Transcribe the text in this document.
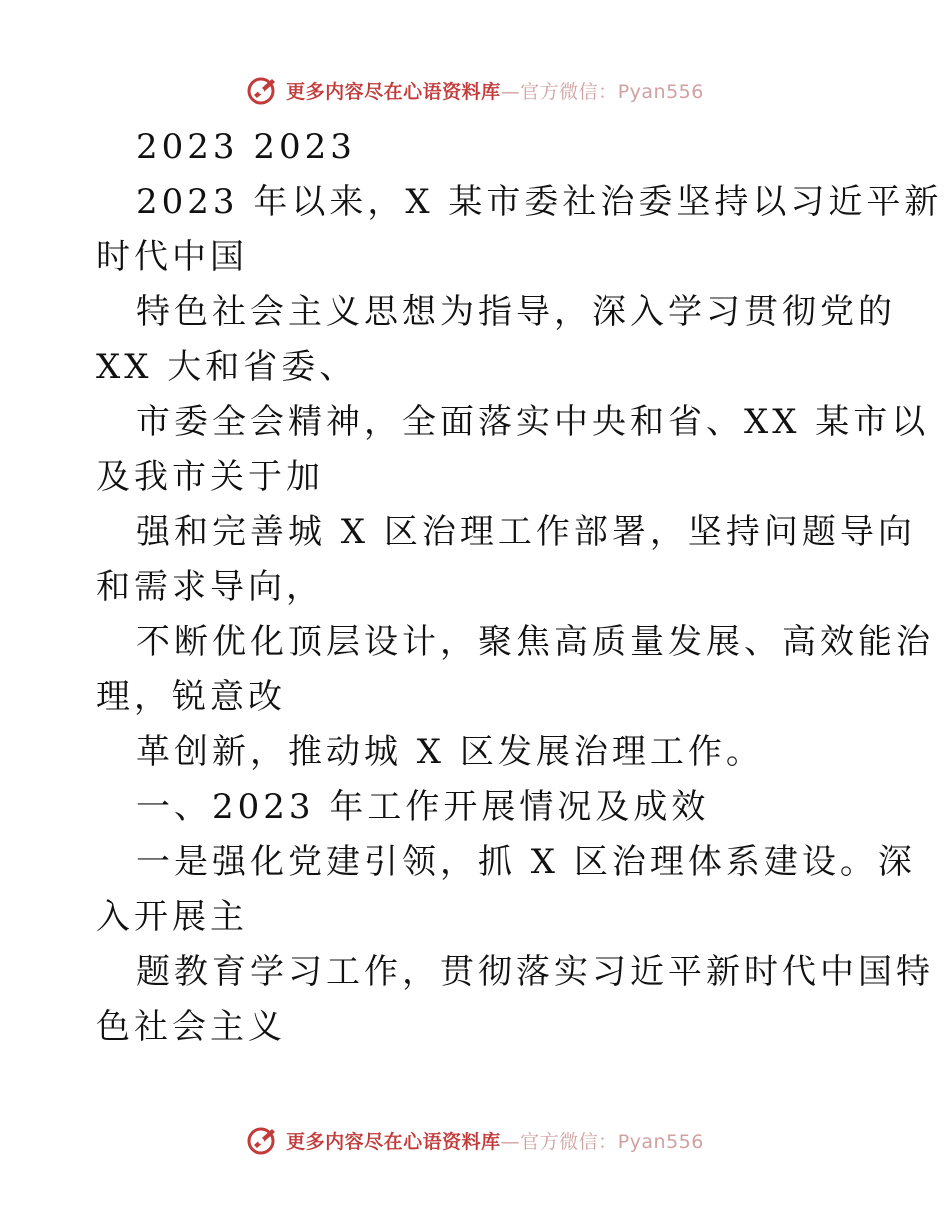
更多内容尽在心语资料库—官方微信：Pyan556
2023 2023
2023 年以来，X 某市委社治委坚持以习近平新
时代中国
特色社会主义思想为指导，深入学习贯彻党的
XX 大和省委、
市委全会精神，全面落实中央和省、XX 某市以
及我市关于加
强和完善城 X 区治理工作部署，坚持问题导向
和需求导向，
不断优化顶层设计，聚焦高质量发展、高效能治
理，锐意改
革创新，推动城 X 区发展治理工作。
一、2023 年工作开展情况及成效
一是强化党建引领，抓 X 区治理体系建设。深
入开展主
题教育学习工作，贯彻落实习近平新时代中国特
色社会主义
更多内容尽在心语资料库—官方微信：Pyan556
